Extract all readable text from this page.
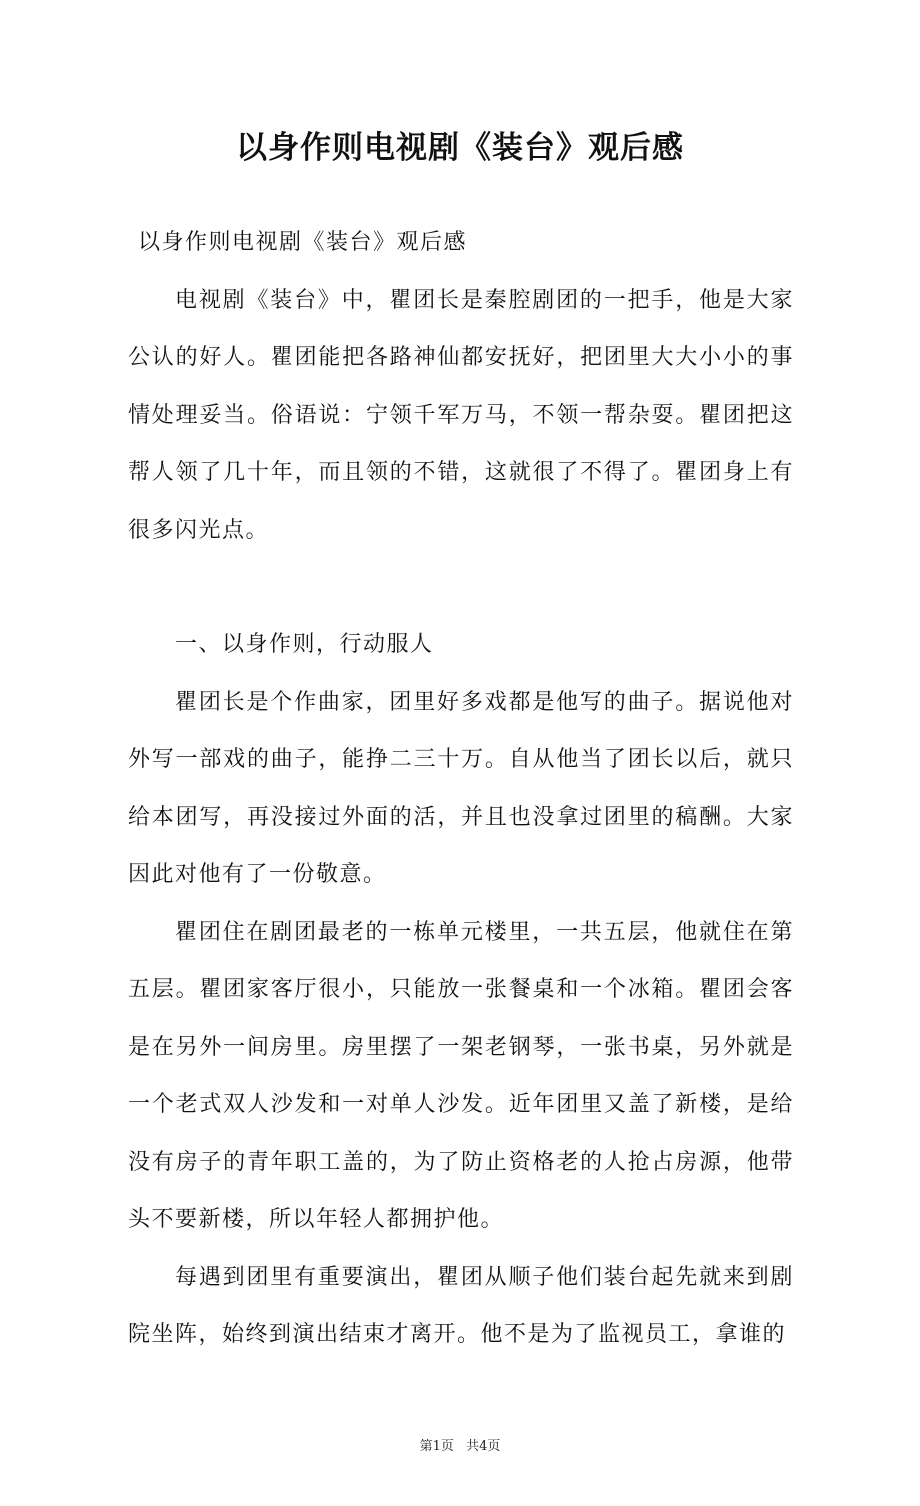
以身作则电视剧《装台》观后感

以身作则电视剧《装台》观后感

电视剧《装台》中，瞿团长是秦腔剧团的一把手，他是大家公认的好人。瞿团能把各路神仙都安抚好，把团里大大小小的事情处理妥当。俗语说：宁领千军万马，不领一帮杂耍。瞿团把这帮人领了几十年，而且领的不错，这就很了不得了。瞿团身上有很多闪光点。

一、以身作则，行动服人

瞿团长是个作曲家，团里好多戏都是他写的曲子。据说他对外写一部戏的曲子，能挣二三十万。自从他当了团长以后，就只给本团写，再没接过外面的活，并且也没拿过团里的稿酬。大家因此对他有了一份敬意。

瞿团住在剧团最老的一栋单元楼里，一共五层，他就住在第五层。瞿团家客厅很小，只能放一张餐桌和一个冰箱。瞿团会客是在另外一间房里。房里摆了一架老钢琴，一张书桌，另外就是一个老式双人沙发和一对单人沙发。近年团里又盖了新楼，是给没有房子的青年职工盖的，为了防止资格老的人抢占房源，他带头不要新楼，所以年轻人都拥护他。

每遇到团里有重要演出，瞿团从顺子他们装台起先就来到剧院坐阵，始终到演出结束才离开。他不是为了监视员工，拿谁的

第1页 共4页
